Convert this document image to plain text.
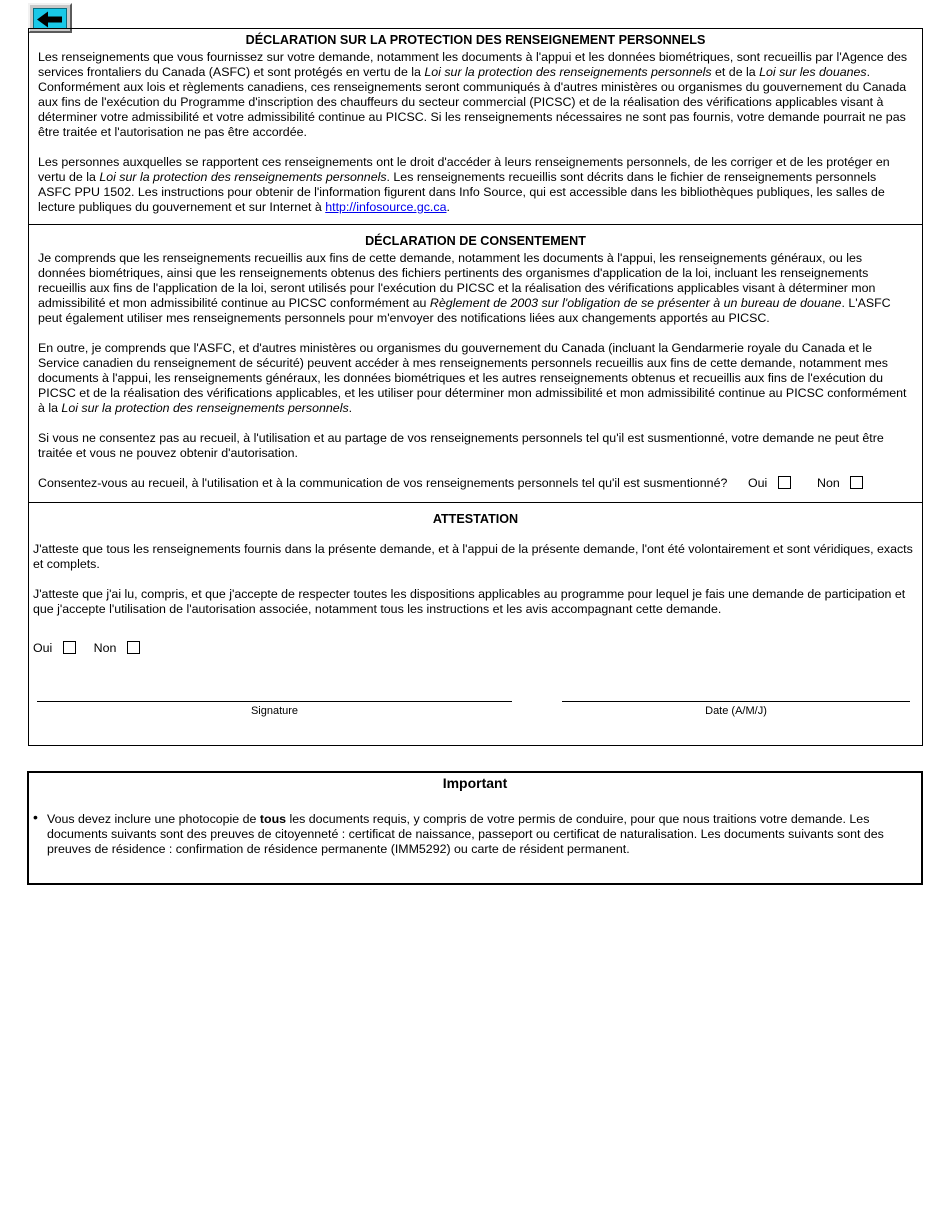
DÉCLARATION SUR LA PROTECTION DES RENSEIGNEMENT PERSONNELS

Les renseignements que vous fournissez sur votre demande, notamment les documents à l'appui et les données biométriques, sont recueillis par l'Agence des services frontaliers du Canada (ASFC) et sont protégés en vertu de la Loi sur la protection des renseignements personnels et de la Loi sur les douanes. Conformément aux lois et règlements canadiens, ces renseignements seront communiqués à d'autres ministères ou organismes du gouvernement du Canada aux fins de l'exécution du Programme d'inscription des chauffeurs du secteur commercial (PICSC) et de la réalisation des vérifications applicables visant à déterminer votre admissibilité et votre admissibilité continue au PICSC. Si les renseignements nécessaires ne sont pas fournis, votre demande pourrait ne pas être traitée et l'autorisation ne pas être accordée.

Les personnes auxquelles se rapportent ces renseignements ont le droit d'accéder à leurs renseignements personnels, de les corriger et de les protéger en vertu de la Loi sur la protection des renseignements personnels. Les renseignements recueillis sont décrits dans le fichier de renseignements personnels ASFC PPU 1502. Les instructions pour obtenir de l'information figurent dans Info Source, qui est accessible dans les bibliothèques publiques, les salles de lecture publiques du gouvernement et sur Internet à http://infosource.gc.ca.

DÉCLARATION DE CONSENTEMENT

Je comprends que les renseignements recueillis aux fins de cette demande, notamment les documents à l'appui, les renseignements généraux, ou les données biométriques, ainsi que les renseignements obtenus des fichiers pertinents des organismes d'application de la loi, incluant les renseignements recueillis aux fins de l'application de la loi, seront utilisés pour l'exécution du PICSC et la réalisation des vérifications applicables visant à déterminer mon admissibilité et mon admissibilité continue au PICSC conformément au Règlement de 2003 sur l'obligation de se présenter à un bureau de douane. L'ASFC peut également utiliser mes renseignements personnels pour m'envoyer des notifications liées aux changements apportés au PICSC.

En outre, je comprends que l'ASFC, et d'autres ministères ou organismes du gouvernement du Canada (incluant la Gendarmerie royale du Canada et le Service canadien du renseignement de sécurité) peuvent accéder à mes renseignements personnels recueillis aux fins de cette demande, notamment mes documents à l'appui, les renseignements généraux, les données biométriques et les autres renseignements obtenus et recueillis aux fins de l'exécution du PICSC et de la réalisation des vérifications applicables, et les utiliser pour déterminer mon admissibilité et mon admissibilité continue au PICSC conformément à la Loi sur la protection des renseignements personnels.

Si vous ne consentez pas au recueil, à l'utilisation et au partage de vos renseignements personnels tel qu'il est susmentionné, votre demande ne peut être traitée et vous ne pouvez obtenir d'autorisation.

Consentez-vous au recueil, à l'utilisation et à la communication de vos renseignements personnels tel qu'il est susmentionné? Oui	Non
ATTESTATION

J'atteste que tous les renseignements fournis dans la présente demande, et à l'appui de la présente demande, l'ont été volontairement et sont véridiques, exacts et complets.

J'atteste que j'ai lu, compris, et que j'accepte de respecter toutes les dispositions applicables au programme pour lequel je fais une demande de participation et que j'accepte l'utilisation de l'autorisation associée, notamment tous les instructions et les avis accompagnant cette demande.

Oui	Non
Signature	Date (A/M/J)
Important
• Vous devez inclure une photocopie de tous les documents requis, y compris de votre permis de conduire, pour que nous traitions votre demande. Les documents suivants sont des preuves de citoyenneté : certificat de naissance, passeport ou certificat de naturalisation. Les documents suivants sont des preuves de résidence : confirmation de résidence permanente (IMM5292) ou carte de résident permanent.
